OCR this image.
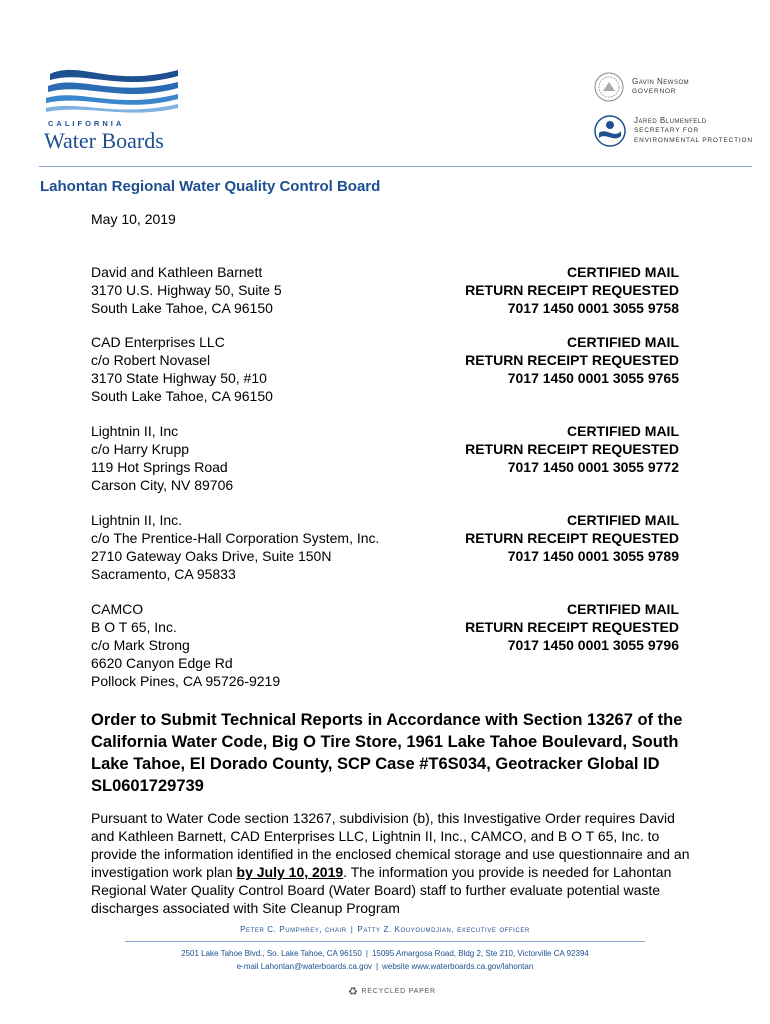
CALIFORNIA
Water Boards
Gavin Newsom
GOVERNOR
Jared Blumenfeld
SECRETARY FOR
ENVIRONMENTAL PROTECTION
Lahontan Regional Water Quality Control Board
May 10, 2019
David and Kathleen Barnett
3170 U.S. Highway 50, Suite 5
South Lake Tahoe, CA 96150
CERTIFIED MAIL
RETURN RECEIPT REQUESTED
7017 1450 0001 3055 9758
CAD Enterprises LLC
c/o Robert Novasel
3170 State Highway 50, #10
South Lake Tahoe, CA 96150
CERTIFIED MAIL
RETURN RECEIPT REQUESTED
7017 1450 0001 3055 9765
Lightnin II, Inc
c/o Harry Krupp
119 Hot Springs Road
Carson City, NV 89706
CERTIFIED MAIL
RETURN RECEIPT REQUESTED
7017 1450 0001 3055 9772
Lightnin II, Inc.
c/o The Prentice-Hall Corporation System, Inc.
2710 Gateway Oaks Drive, Suite 150N
Sacramento, CA 95833
CERTIFIED MAIL
RETURN RECEIPT REQUESTED
7017 1450 0001 3055 9789
CAMCO
B O T 65, Inc.
c/o Mark Strong
6620 Canyon Edge Rd
Pollock Pines, CA 95726-9219
CERTIFIED MAIL
RETURN RECEIPT REQUESTED
7017 1450 0001 3055 9796
Order to Submit Technical Reports in Accordance with Section 13267 of the California Water Code, Big O Tire Store, 1961 Lake Tahoe Boulevard, South Lake Tahoe, El Dorado County, SCP Case #T6S034, Geotracker Global ID SL0601729739
Pursuant to Water Code section 13267, subdivision (b), this Investigative Order requires David and Kathleen Barnett, CAD Enterprises LLC, Lightnin II, Inc., CAMCO, and B O T 65, Inc. to provide the information identified in the enclosed chemical storage and use questionnaire and an investigation work plan by July 10, 2019. The information you provide is needed for Lahontan Regional Water Quality Control Board (Water Board) staff to further evaluate potential waste discharges associated with Site Cleanup Program
Peter C. Pumphrey, chair | Patty Z. Kouyoumdjian, executive officer
2501 Lake Tahoe Blvd., So. Lake Tahoe, CA 96150 | 15095 Amargosa Road, Bldg 2, Ste 210, Victorville CA 92394
e-mail Lahontan@waterboards.ca.gov | website www.waterboards.ca.gov/lahontan
♻ RECYCLED PAPER
